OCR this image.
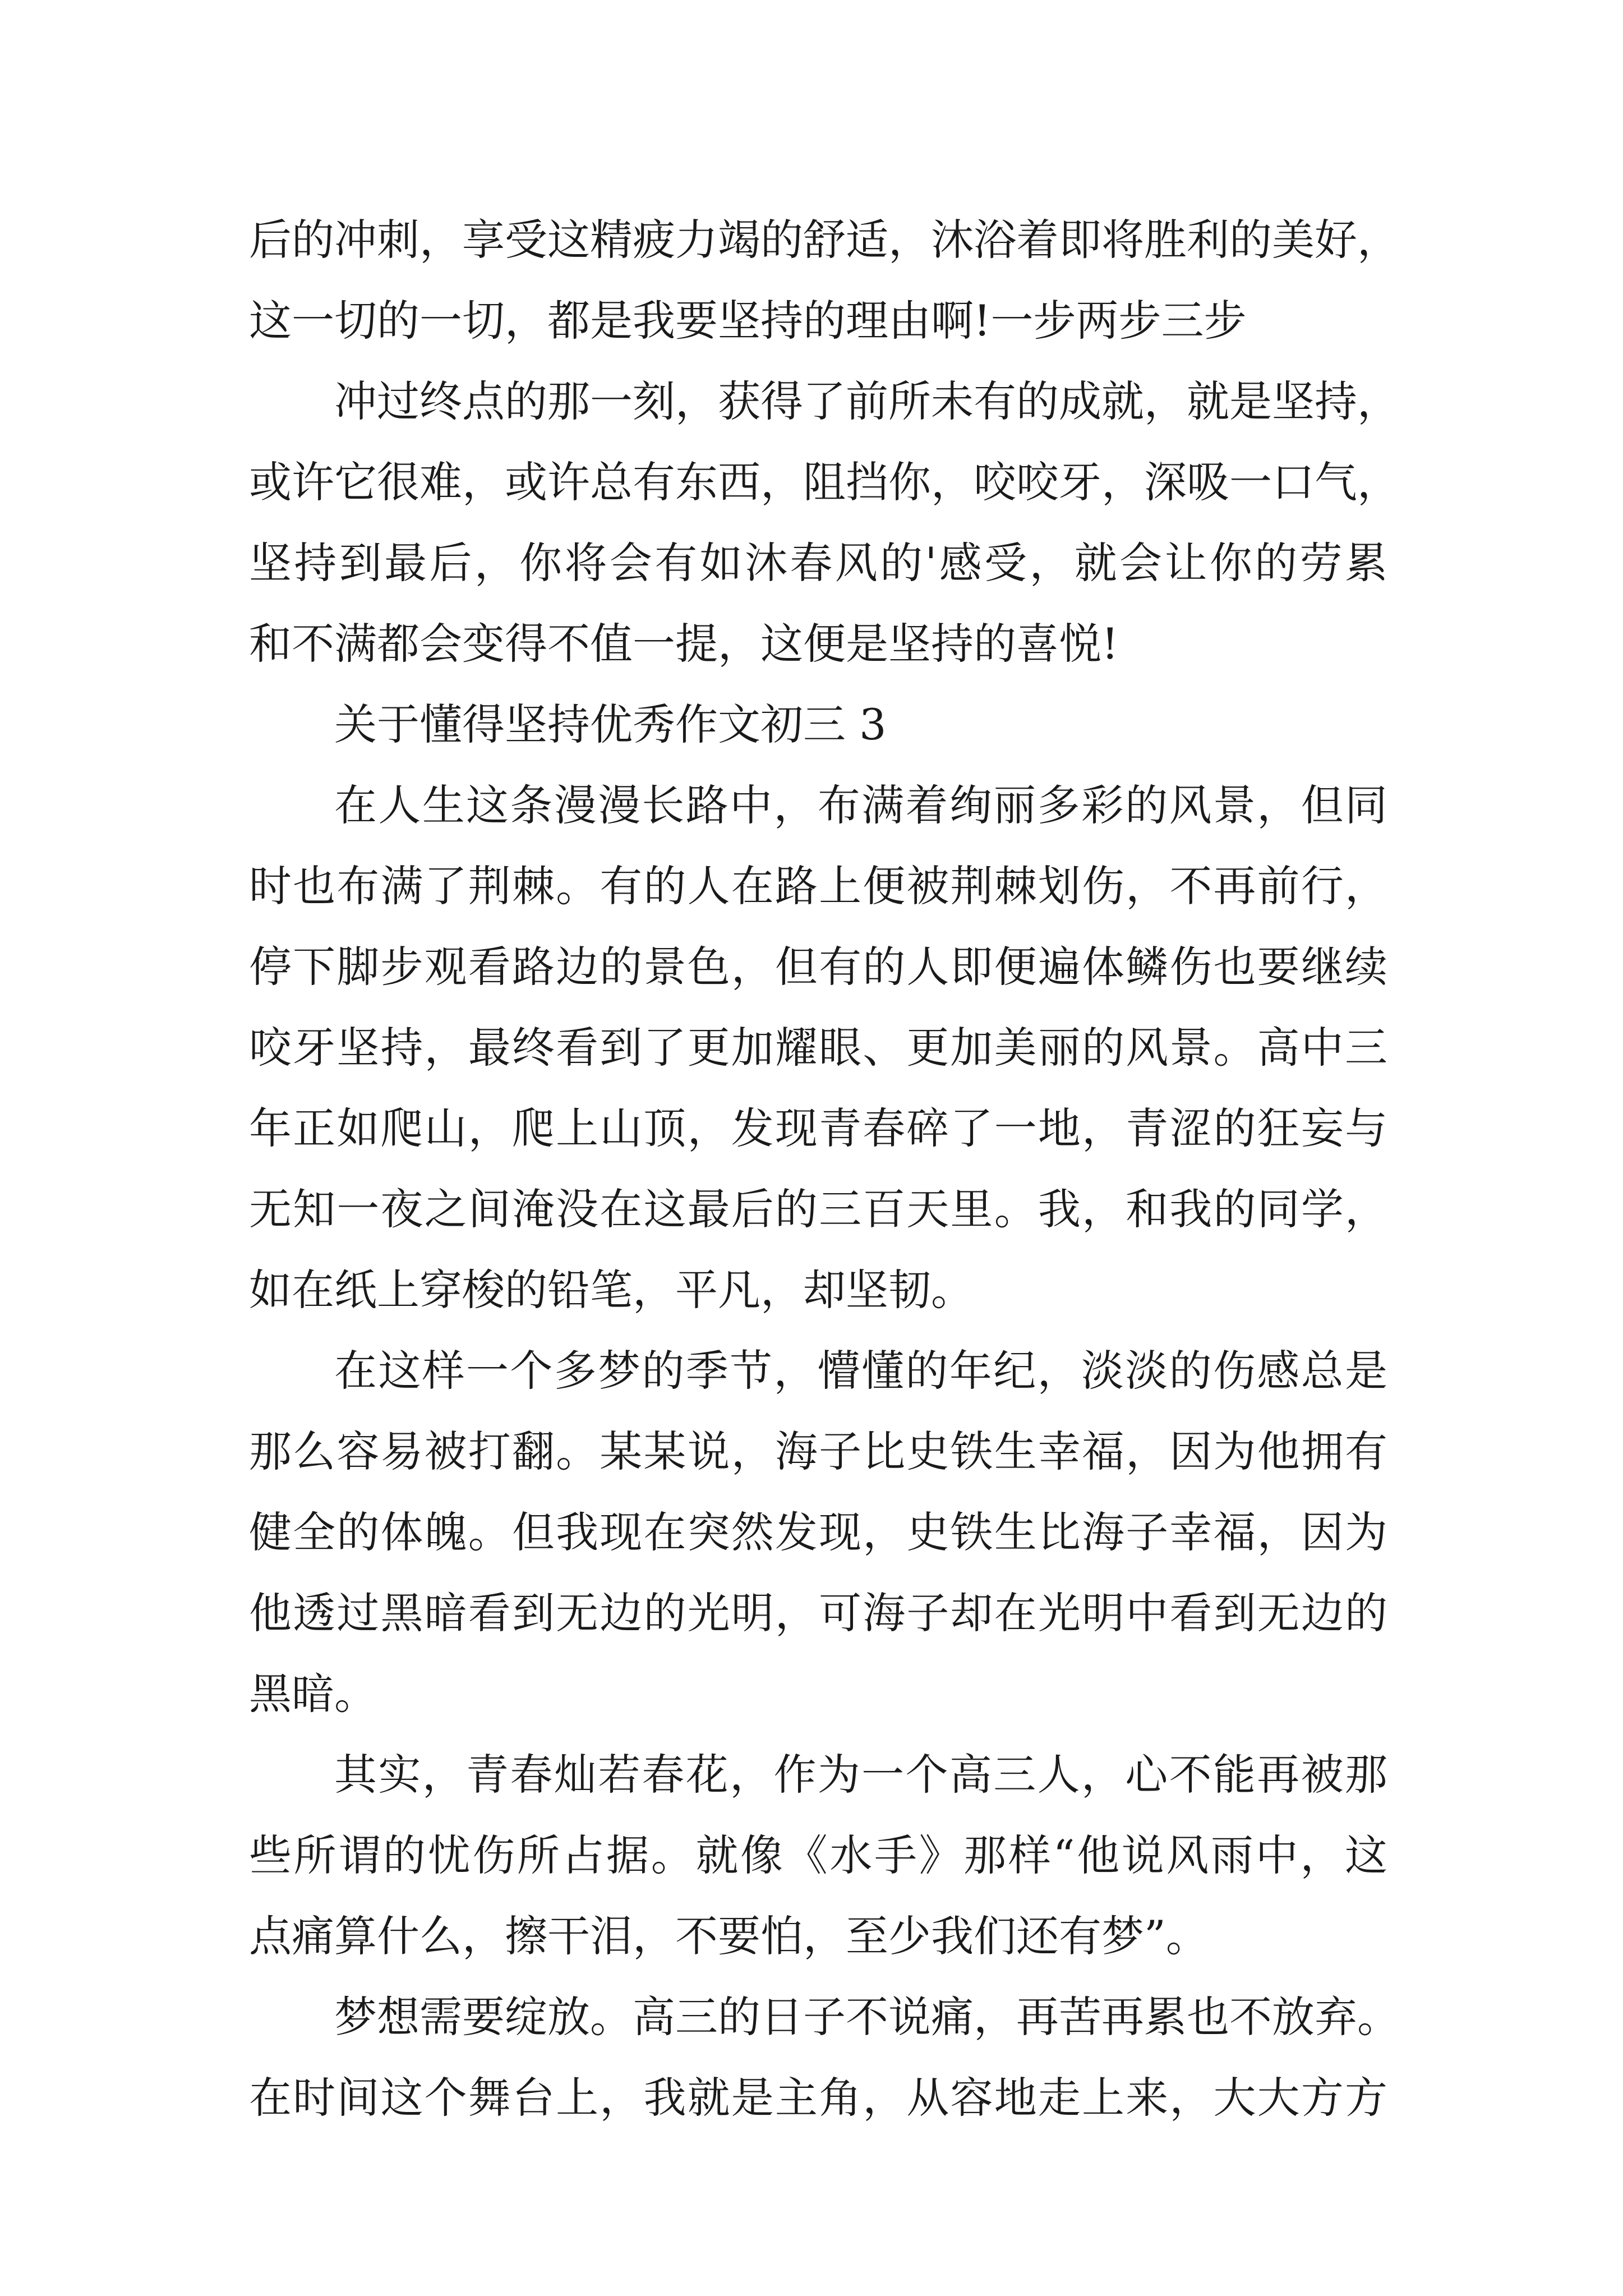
后的冲刺，享受这精疲力竭的舒适，沐浴着即将胜利的美好，
这一切的一切，都是我要坚持的理由啊!一步两步三步
冲过终点的那一刻，获得了前所未有的成就，就是坚持，
或许它很难，或许总有东西，阻挡你，咬咬牙，深吸一口气，
坚持到最后，你将会有如沐春风的'感受，就会让你的劳累
和不满都会变得不值一提，这便是坚持的喜悦!
关于懂得坚持优秀作文初三 3
在人生这条漫漫长路中，布满着绚丽多彩的风景，但同
时也布满了荆棘。有的人在路上便被荆棘划伤，不再前行，
停下脚步观看路边的景色，但有的人即便遍体鳞伤也要继续
咬牙坚持，最终看到了更加耀眼、更加美丽的风景。高中三
年正如爬山，爬上山顶，发现青春碎了一地，青涩的狂妄与
无知一夜之间淹没在这最后的三百天里。我，和我的同学，
如在纸上穿梭的铅笔，平凡，却坚韧。
在这样一个多梦的季节，懵懂的年纪，淡淡的伤感总是
那么容易被打翻。某某说，海子比史铁生幸福，因为他拥有
健全的体魄。但我现在突然发现，史铁生比海子幸福，因为
他透过黑暗看到无边的光明，可海子却在光明中看到无边的
黑暗。
其实，青春灿若春花，作为一个高三人，心不能再被那
些所谓的忧伤所占据。就像《水手》那样“他说风雨中，这
点痛算什么，擦干泪，不要怕，至少我们还有梦”。
梦想需要绽放。高三的日子不说痛，再苦再累也不放弃。
在时间这个舞台上，我就是主角，从容地走上来，大大方方
